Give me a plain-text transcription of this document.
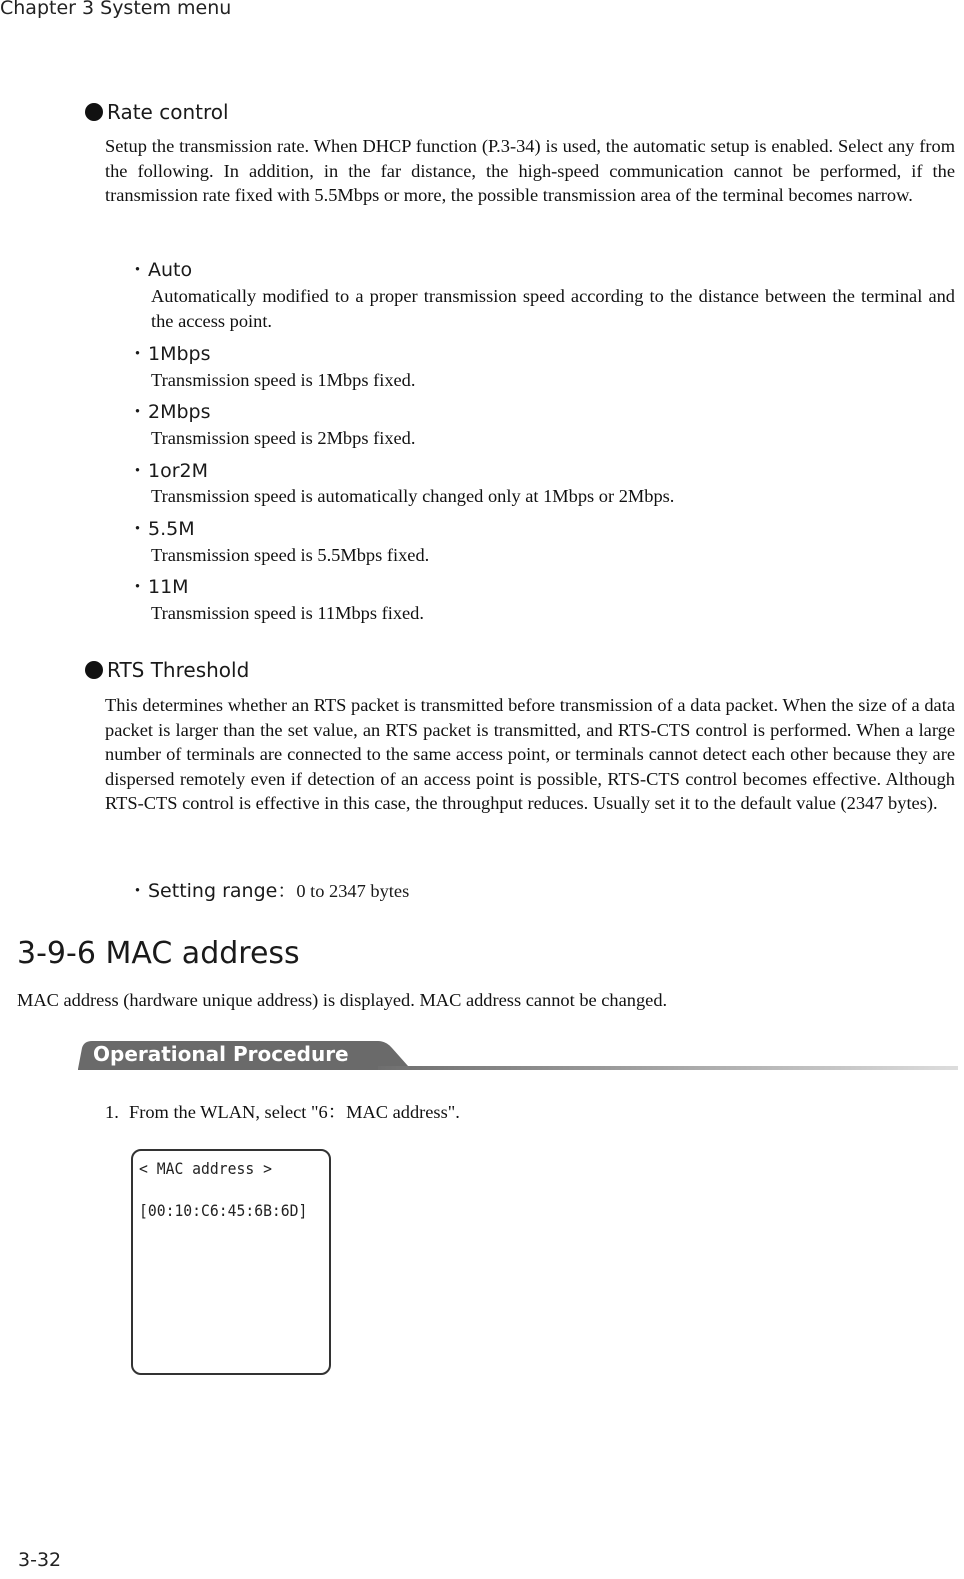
Chapter 3 System menu
Rate control

Setup the transmission rate. When DHCP function (P.3-34) is used, the automatic setup is enabled. Select any from the following. In addition, in the far distance, the high-speed communication cannot be performed, if the transmission rate fixed with 5.5Mbps or more, the possible transmission area of the terminal becomes narrow.

・Auto

Automatically modified to a proper transmission speed according to the distance between the terminal and the access point.

・1Mbps

Transmission speed is 1Mbps fixed.

・2Mbps

Transmission speed is 2Mbps fixed.

・1or2M

Transmission speed is automatically changed only at 1Mbps or 2Mbps.

・5.5M

Transmission speed is 5.5Mbps fixed.

・11M

Transmission speed is 11Mbps fixed.

RTS Threshold

This determines whether an RTS packet is transmitted before transmission of a data packet. When the size of a data packet is larger than the set value, an RTS packet is transmitted, and RTS-CTS control is performed. When a large number of terminals are connected to the same access point, or terminals cannot detect each other because they are dispersed remotely even if detection of an access point is possible, RTS-CTS control becomes effective. Although RTS-CTS control is effective in this case, the throughput reduces. Usually set it to the default value (2347 bytes).

・Setting range：0 to 2347 bytes
3-9-6 MAC address
MAC address (hardware unique address) is displayed. MAC address cannot be changed.
Operational Procedure
1. From the WLAN, select "6：MAC address".
< MAC address >
[00:10:C6:45:6B:6D]
3-32
